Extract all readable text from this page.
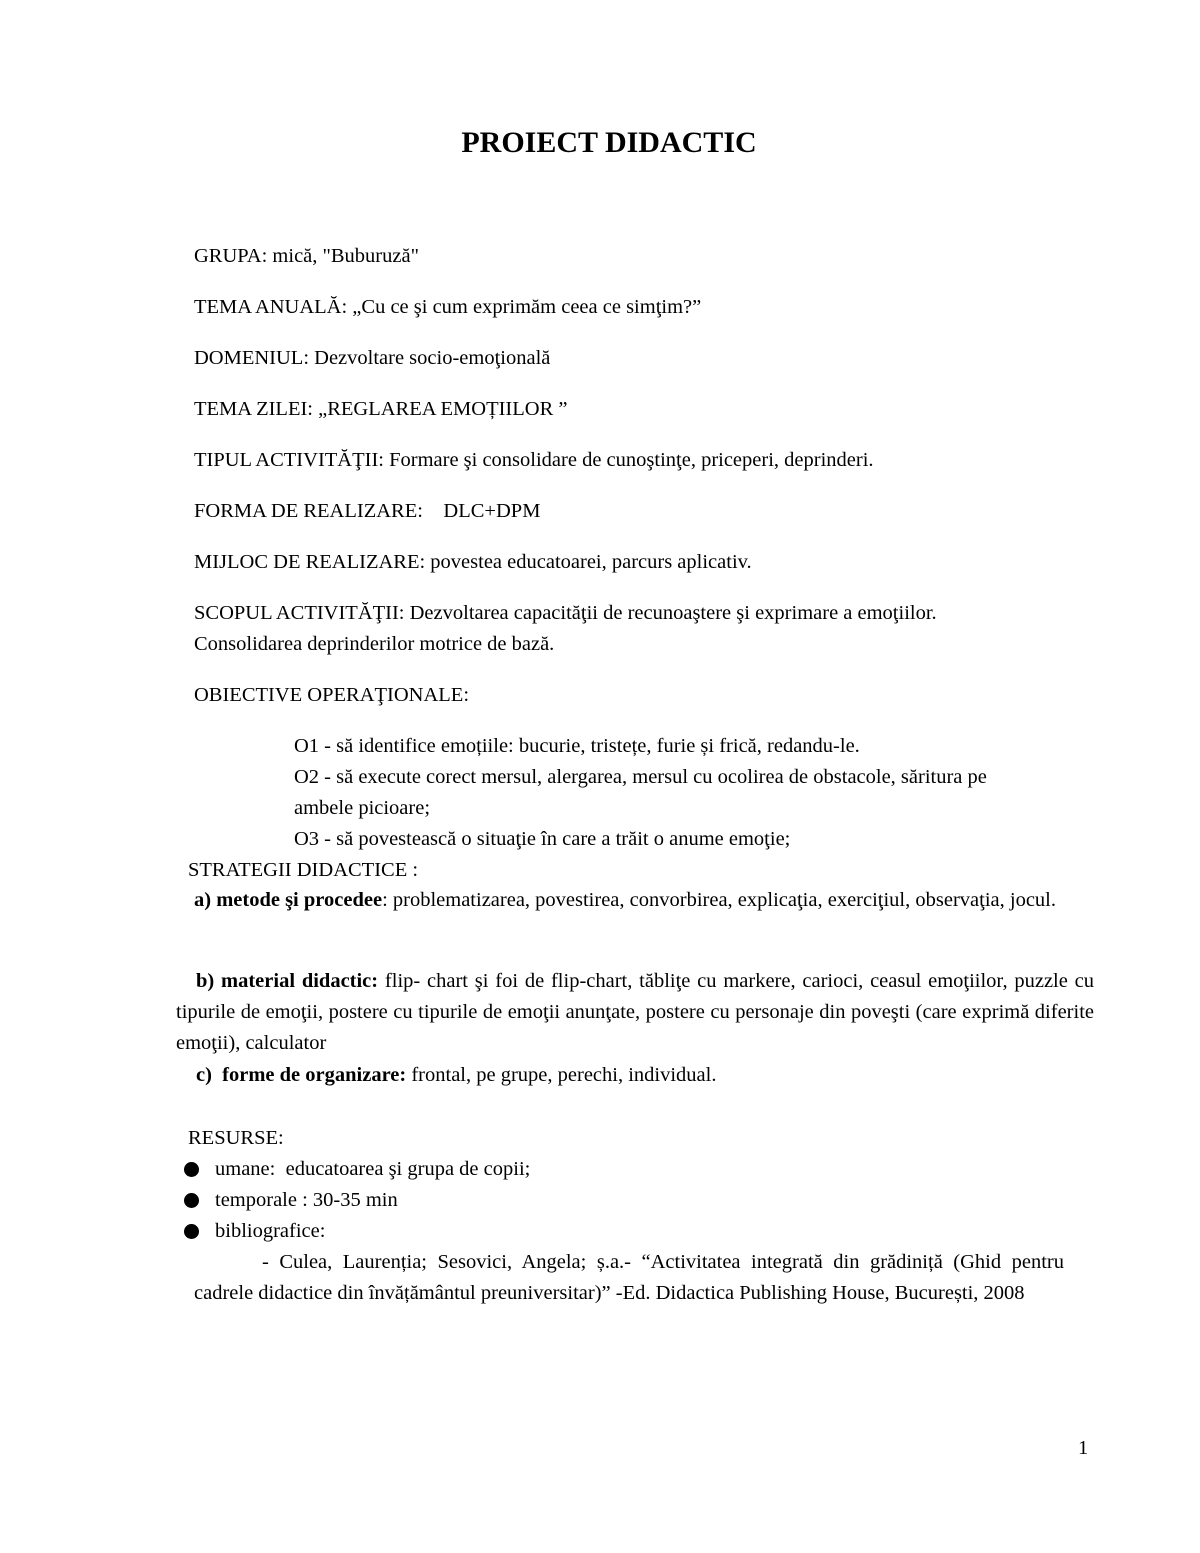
PROIECT DIDACTIC
GRUPA: mică, "Buburuză"
TEMA ANUALĂ: „Cu ce şi cum exprimăm ceea ce simţim?”
DOMENIUL: Dezvoltare socio-emoţională
TEMA ZILEI: „REGLAREA EMOȚIILOR ”
TIPUL ACTIVITĂŢII: Formare şi consolidare de cunoştinţe, priceperi, deprinderi.
FORMA DE REALIZARE:    DLC+DPM
MIJLOC DE REALIZARE: povestea educatoarei, parcurs aplicativ.
SCOPUL ACTIVITĂŢII: Dezvoltarea capacităţii de recunoaştere şi exprimare a emoţiilor.
Consolidarea deprinderilor motrice de bază.
OBIECTIVE OPERAŢIONALE:
O1 - să identifice emoțiile: bucurie, tristețe, furie și frică, redandu-le.
O2 - să execute corect mersul, alergarea, mersul cu ocolirea de obstacole, săritura pe
ambele picioare;
O3 - să povestească o situaţie în care a trăit o anume emoţie;
STRATEGII DIDACTICE :
a) metode şi procedee: problematizarea, povestirea, convorbirea, explicaţia, exerciţiul, observaţia, jocul.
b) material didactic: flip- chart şi foi de flip-chart, tăbliţe cu markere, carioci, ceasul emoţiilor, puzzle cu tipurile de emoţii, postere cu tipurile de emoţii anunţate, postere cu personaje din poveşti (care exprimă diferite emoţii), calculator
c)  forme de organizare: frontal, pe grupe, perechi, individual.
RESURSE:
umane:  educatoarea şi grupa de copii;
temporale : 30-35 min
bibliografice:
- Culea, Laurenția; Sesovici, Angela; ș.a.- “Activitatea integrată din grădiniță (Ghid pentru cadrele didactice din învățământul preuniversitar)” -Ed. Didactica Publishing House, București, 2008
1
